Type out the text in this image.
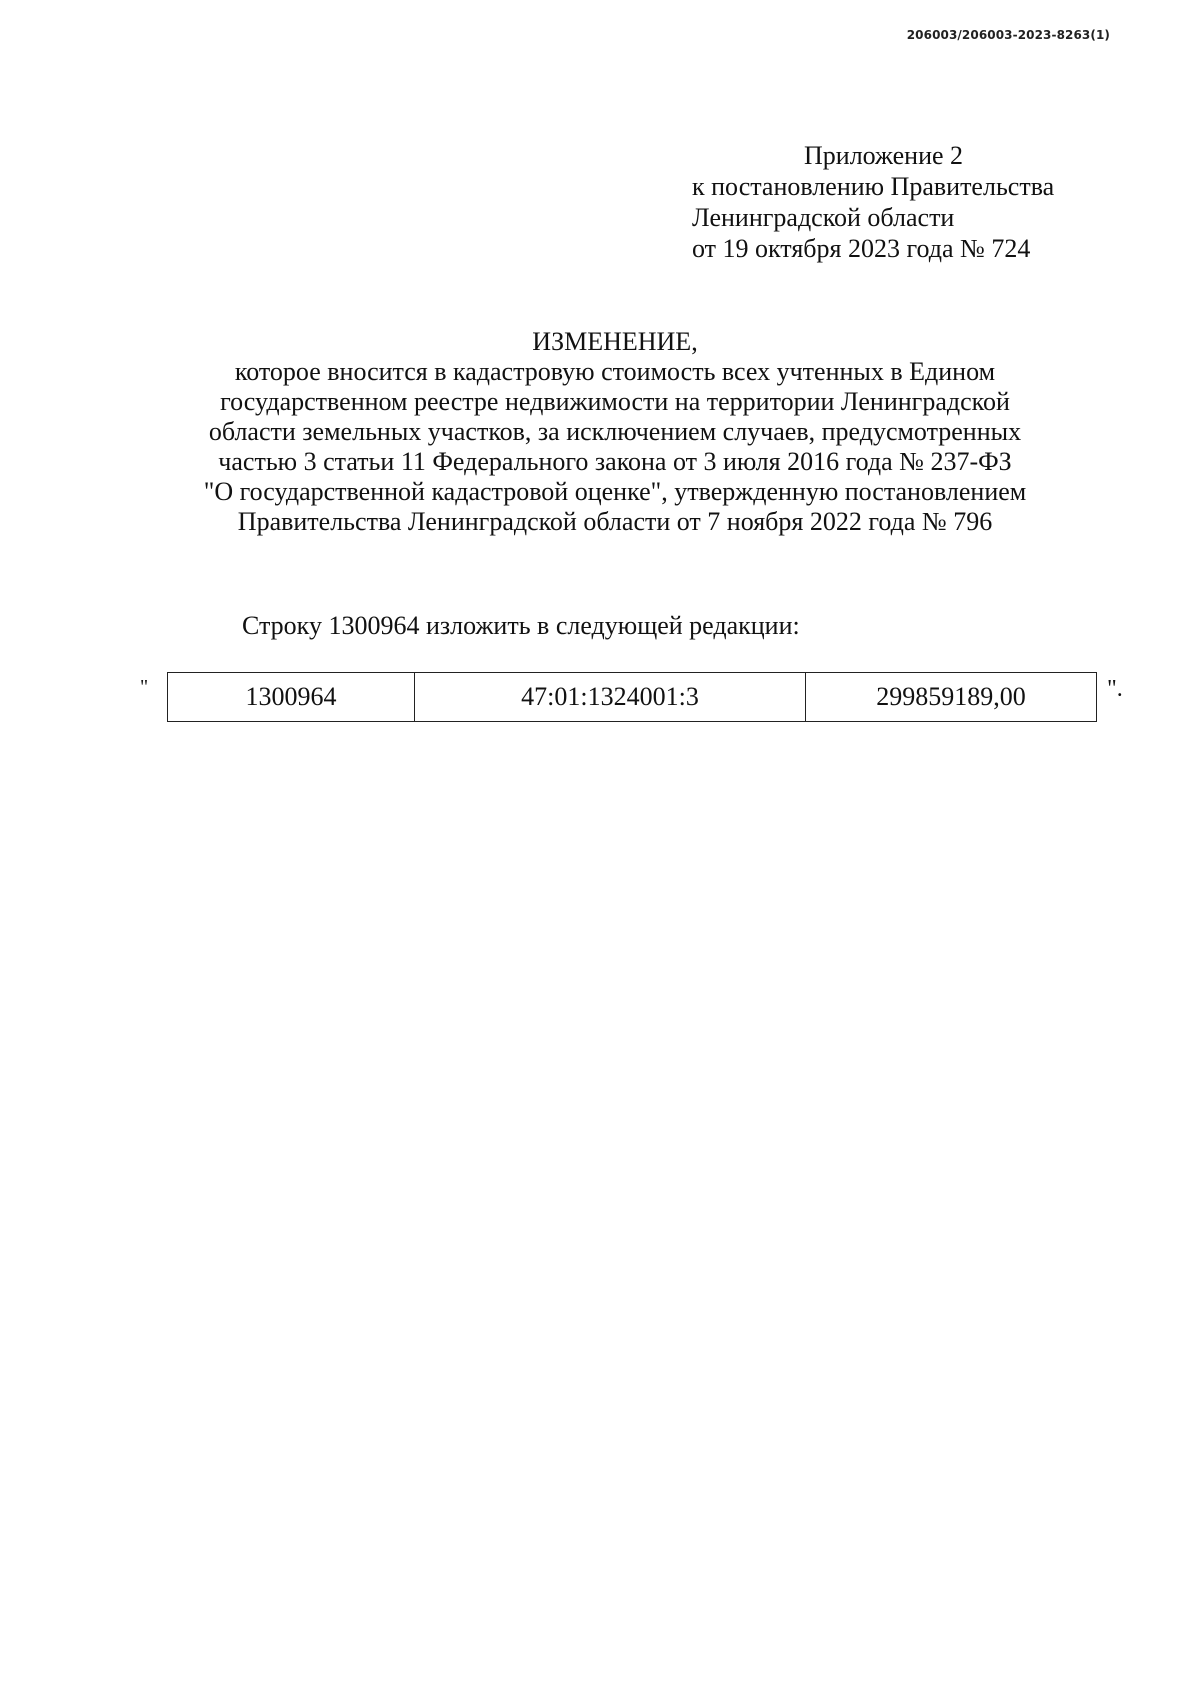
206003/206003-2023-8263(1)
Приложение 2
к постановлению Правительства
Ленинградской области
от 19 октября 2023 года № 724
ИЗМЕНЕНИЕ,
которое вносится в кадастровую стоимость всех учтенных в Едином
государственном реестре недвижимости на территории Ленинградской
области земельных участков, за исключением случаев, предусмотренных
частью 3 статьи 11 Федерального закона от 3 июля 2016 года № 237-ФЗ
"О государственной кадастровой оценке", утвержденную постановлением
Правительства Ленинградской области от 7 ноября 2022 года № 796
Строку 1300964 изложить в следующей редакции:
"	1300964	47:01:1324001:3	299859189,00	".
